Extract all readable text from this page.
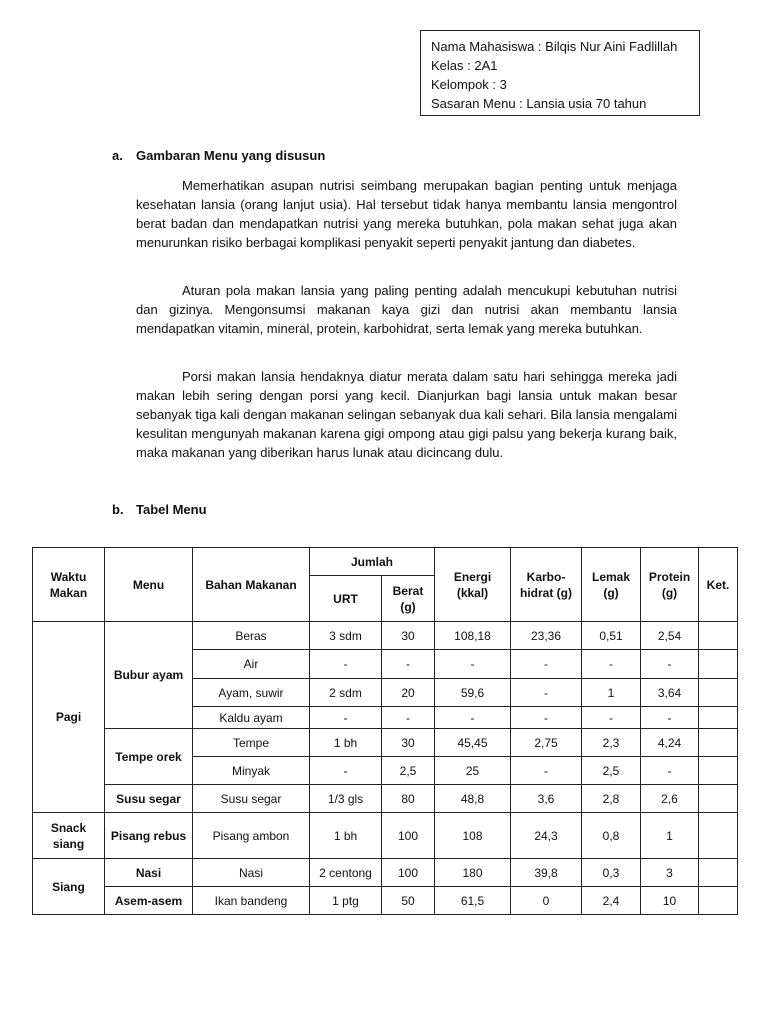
Nama Mahasiswa : Bilqis Nur Aini Fadlillah
Kelas : 2A1
Kelompok : 3
Sasaran Menu : Lansia usia 70 tahun
a. Gambaran Menu yang disusun

Memerhatikan asupan nutrisi seimbang merupakan bagian penting untuk menjaga kesehatan lansia (orang lanjut usia). Hal tersebut tidak hanya membantu lansia mengontrol berat badan dan mendapatkan nutrisi yang mereka butuhkan, pola makan sehat juga akan menurunkan risiko berbagai komplikasi penyakit seperti penyakit jantung dan diabetes.

Aturan pola makan lansia yang paling penting adalah mencukupi kebutuhan nutrisi dan gizinya. Mengonsumsi makanan kaya gizi dan nutrisi akan membantu lansia mendapatkan vitamin, mineral, protein, karbohidrat, serta lemak yang mereka butuhkan.

Porsi makan lansia hendaknya diatur merata dalam satu hari sehingga mereka jadi makan lebih sering dengan porsi yang kecil. Dianjurkan bagi lansia untuk makan besar sebanyak tiga kali dengan makanan selingan sebanyak dua kali sehari. Bila lansia mengalami kesulitan mengunyah makanan karena gigi ompong atau gigi palsu yang bekerja kurang baik, maka makanan yang diberikan harus lunak atau dicincang dulu.

b. Tabel Menu
Waktu Makan	Menu	Bahan Makanan	Jumlah		Energi (kkal)	Karbo-hidrat (g)	Lemak (g)	Protein (g)	Ket.
			URT	Berat (g)					
Pagi	Bubur ayam	Beras	3 sdm	30	108,18	23,36	0,51	2,54	
		Air	-	-	-	-	-	-	
		Ayam, suwir	2 sdm	20	59,6	-	1	3,64	
		Kaldu ayam	-	-	-	-	-	-	
	Tempe orek	Tempe	1 bh	30	45,45	2,75	2,3	4,24	
		Minyak	-	2,5	25	-	2,5	-	
	Susu segar	Susu segar	1/3 gls	80	48,8	3,6	2,8	2,6	
Snack siang	Pisang rebus	Pisang ambon	1 bh	100	108	24,3	0,8	1	
Siang	Nasi	Nasi	2 centong	100	180	39,8	0,3	3	
	Asem-asem	Ikan bandeng	1 ptg	50	61,5	0	2,4	10	
